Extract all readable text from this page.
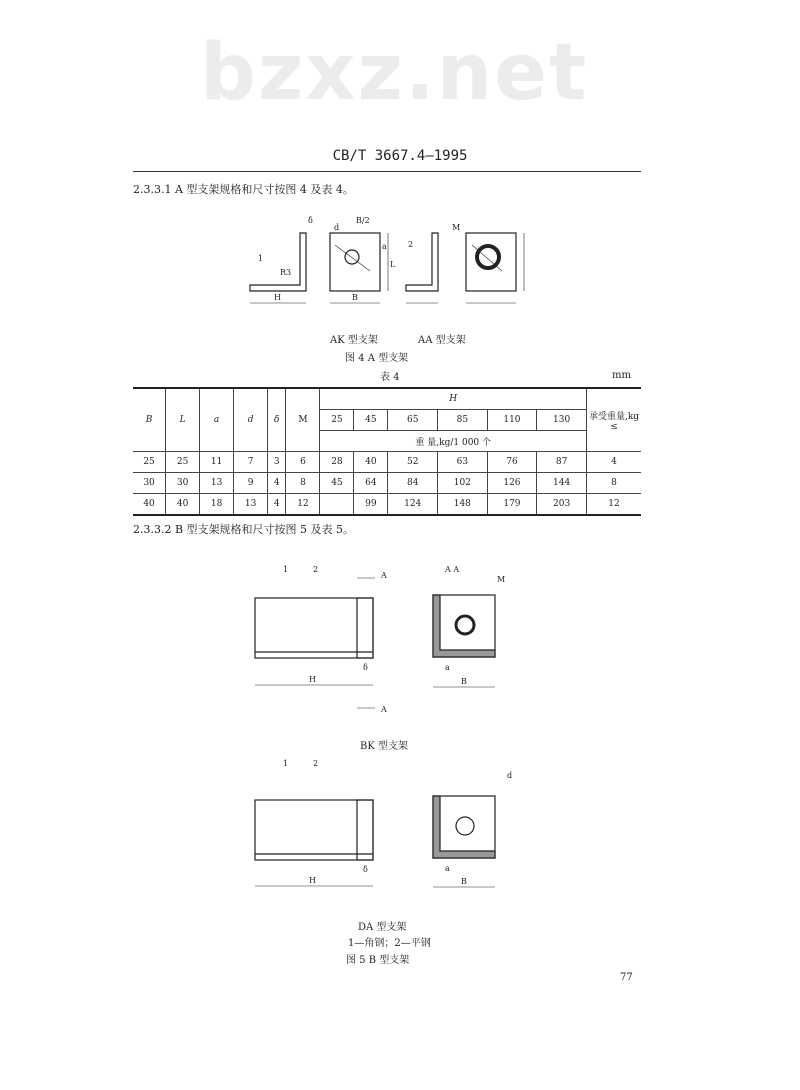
bzxz.net
CB/T 3667.4—1995
2.3.3.1 A 型支架规格和尺寸按图 4 及表 4。
δ	B/2
d
a
L
1
R3
H	B
2
M
AK 型支架	AA 型支架
图 4 A 型支架
表 4	mm
B	L	a	d	δ	M	H						承受重量,kg ≤
						25	45	65	85	110	130	
						重 量,kg/1 000 个						
25	25	11	7	3	6	28	40	52	63	76	87	4
30	30	13	9	4	8	45	64	84	102	126	144	8
40	40	18	13	4	12		99	124	148	179	203	12
2.3.3.2 B 型支架规格和尺寸按图 5 及表 5。
1	2
A
A
A A
M
H	B
a
δ
1	2
d
H	B
a
δ
BK 型支架
DA 型支架
1—角钢；2—平钢
图 5 B 型支架
77
